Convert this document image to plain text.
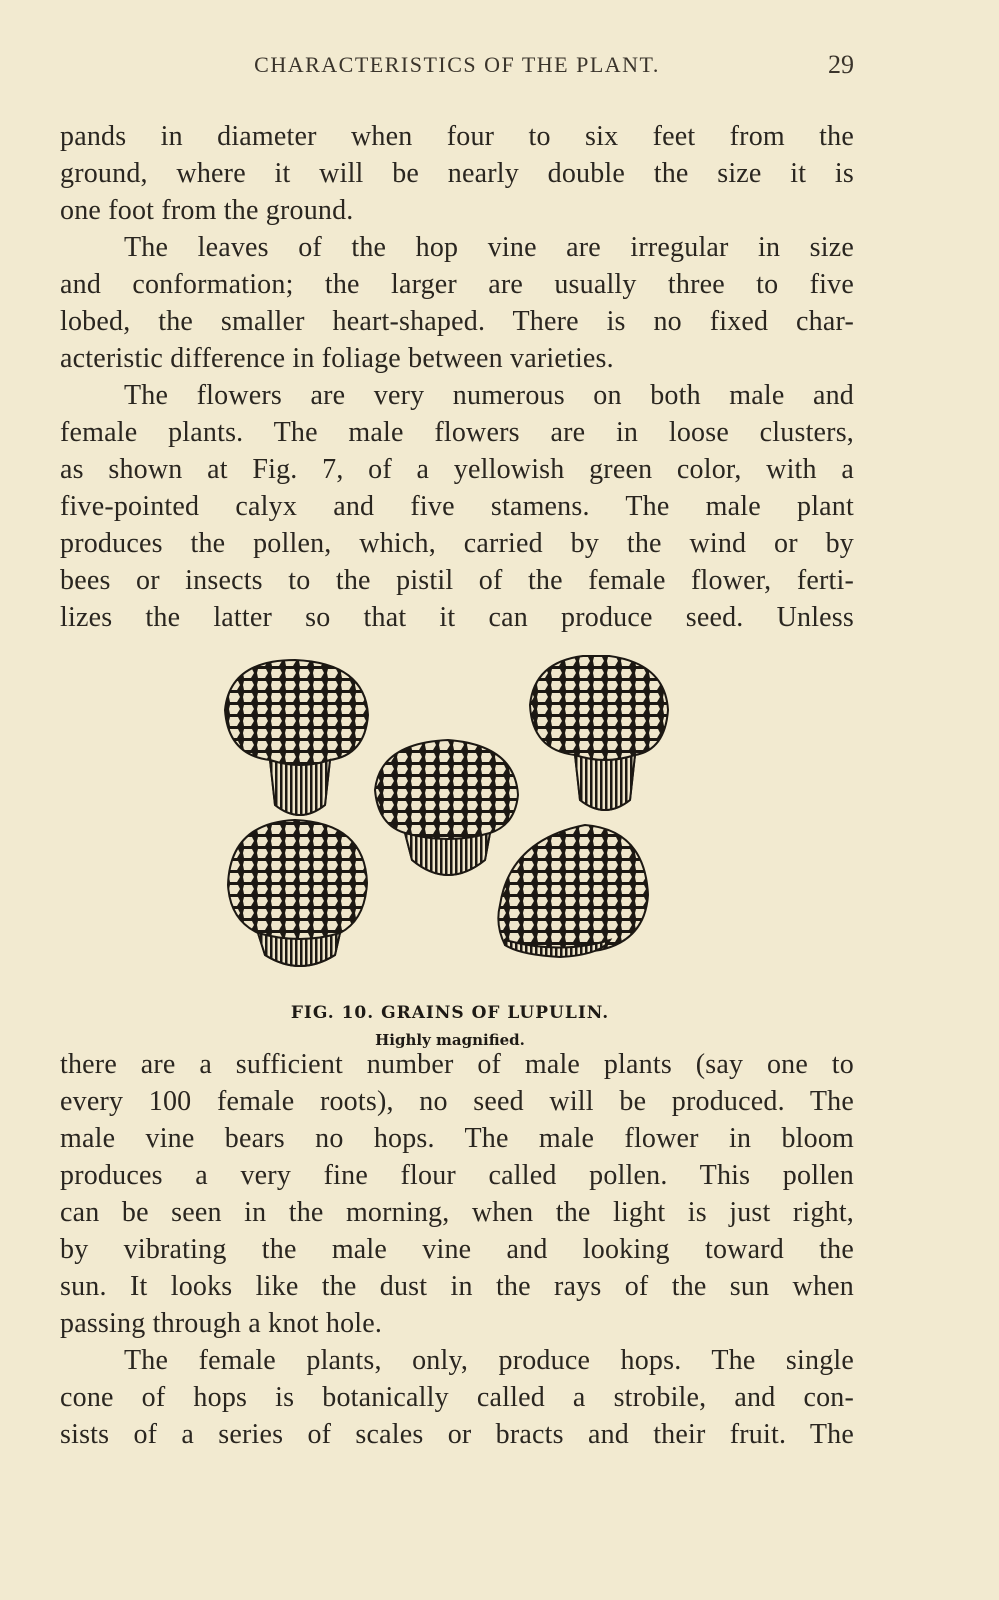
CHARACTERISTICS OF THE PLANT.	29
pands in diameter when four to six feet from the
ground, where it will be nearly double the size it is
one foot from the ground.
The leaves of the hop vine are irregular in size
and conformation; the larger are usually three to five
lobed, the smaller heart-shaped. There is no fixed char-
acteristic difference in foliage between varieties.
The flowers are very numerous on both male and
female plants. The male flowers are in loose clusters,
as shown at Fig. 7, of a yellowish green color, with a
five-pointed calyx and five stamens. The male plant
produces the pollen, which, carried by the wind or by
bees or insects to the pistil of the female flower, ferti-
lizes the latter so that it can produce seed. Unless
FIG. 10. GRAINS OF LUPULIN.
Highly magnified.
there are a sufficient number of male plants (say one to
every 100 female roots), no seed will be produced. The
male vine bears no hops. The male flower in bloom
produces a very fine flour called pollen. This pollen
can be seen in the morning, when the light is just right,
by vibrating the male vine and looking toward the
sun. It looks like the dust in the rays of the sun when
passing through a knot hole.
The female plants, only, produce hops. The single
cone of hops is botanically called a strobile, and con-
sists of a series of scales or bracts and their fruit. The
